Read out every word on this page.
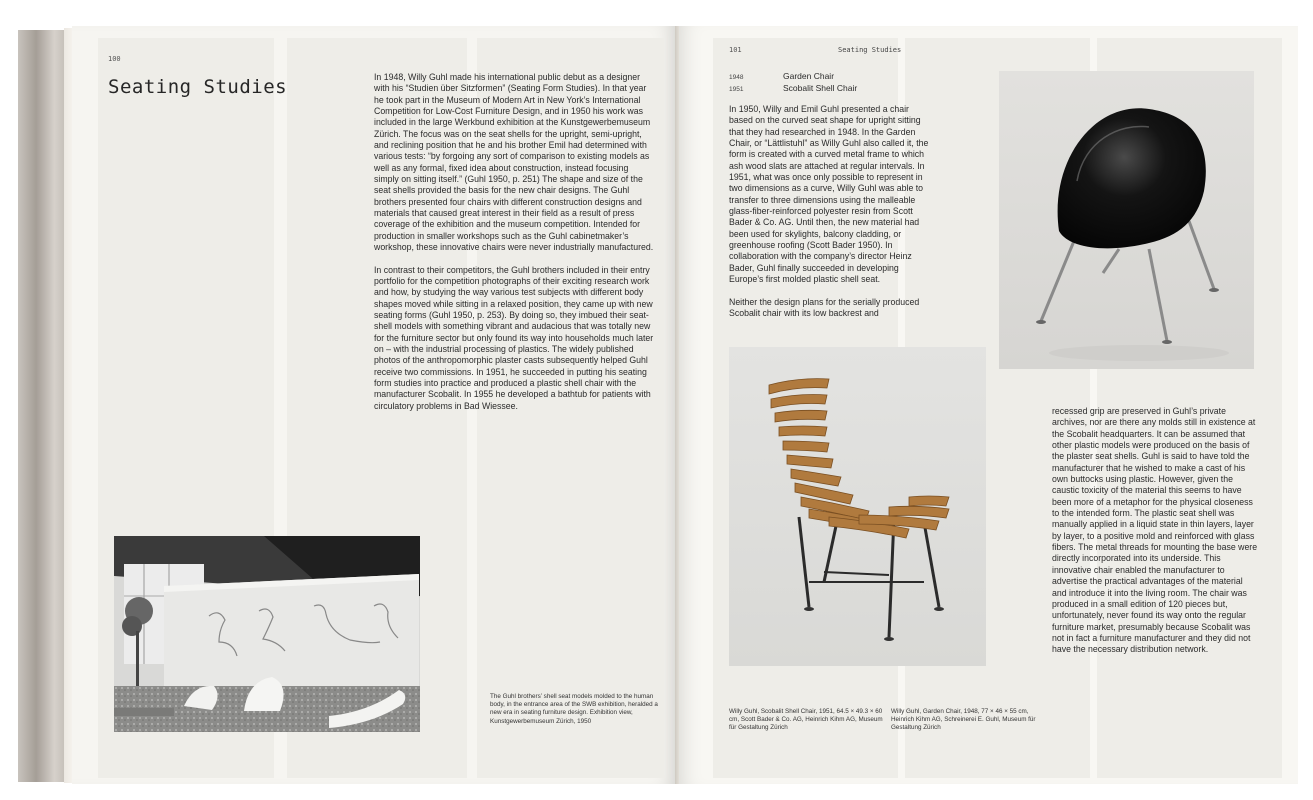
100
Seating Studies	In 1948, Willy Guhl made his international public debut as a designer with his “Studien über Sitzformen” (Seating Form Studies). In that year he took part in the Museum of Modern Art in New York’s International Competition for Low-Cost Furniture Design, and in 1950 his work was included in the large Werkbund exhibition at the Kunstgewerbemuseum Zürich. The focus was on the seat shells for the upright, semi-upright, and reclining position that he and his brother Emil had determined with various tests: “by forgoing any sort of comparison to existing models as well as any formal, fixed idea about construction, instead focusing simply on sitting itself.” (Guhl 1950, p. 251) The shape and size of the seat shells provided the basis for the new chair designs. The Guhl brothers presented four chairs with different construction designs and materials that caused great interest in their field as a result of press coverage of the exhibition and the museum competition. Intended for production in smaller workshops such as the Guhl cabinetmaker’s workshop, these innovative chairs were never industrially manufactured.

In contrast to their competitors, the Guhl brothers included in their entry portfolio for the competition photographs of their exciting research work and how, by studying the way various test subjects with different body shapes moved while sitting in a relaxed position, they came up with new seating forms (Guhl 1950, p. 253). By doing so, they imbued their seat-shell models with something vibrant and audacious that was totally new for the furniture sector but only found its way into households much later on – with the industrial processing of plastics. The widely published photos of the anthropomorphic plaster casts subsequently helped Guhl receive two commissions. In 1951, he succeeded in putting his seating form studies into practice and produced a plastic shell chair with the manufacturer Scobalit. In 1955 he developed a bathtub for patients with circulatory problems in Bad Wiessee.

The Guhl brothers’ shell seat models molded to the human body, in the entrance area of the SWB exhibition, heralded a new era in seating furniture design. Exhibition view, Kunstgewerbemuseum Zürich, 1950
101	Seating Studies
1948	Garden Chair
1951	Scobalit Shell Chair

In 1950, Willy and Emil Guhl presented a chair based on the curved seat shape for upright sitting that they had researched in 1948. In the Garden Chair, or “Lättlistuhl” as Willy Guhl also called it, the form is created with a curved metal frame to which ash wood slats are attached at regular intervals. In 1951, what was once only possible to represent in two dimensions as a curve, Willy Guhl was able to transfer to three dimensions using the malleable glass-fiber-reinforced polyester resin from Scott Bader & Co. AG. Until then, the new material had been used for skylights, balcony cladding, or greenhouse roofing (Scott Bader 1950). In collaboration with the company’s director Heinz Bader, Guhl finally succeeded in developing Europe’s first molded plastic shell seat.

Neither the design plans for the serially produced Scobalit chair with its low backrest and

recessed grip are preserved in Guhl’s private archives, nor are there any molds still in existence at the Scobalit headquarters. It can be assumed that other plastic models were produced on the basis of the plaster seat shells. Guhl is said to have told the manufacturer that he wished to make a cast of his own buttocks using plastic. However, given the caustic toxicity of the material this seems to have been more of a metaphor for the physical closeness to the intended form. The plastic seat shell was manually applied in a liquid state in thin layers, layer by layer, to a positive mold and reinforced with glass fibers. The metal threads for mounting the base were directly incorporated into its underside. This innovative chair enabled the manufacturer to advertise the practical advantages of the material and introduce it into the living room. The chair was produced in a small edition of 120 pieces but, unfortunately, never found its way onto the regular furniture market, presumably because Scobalit was not in fact a furniture manufacturer and they did not have the necessary distribution network.
Willy Guhl, Scobalit Shell Chair, 1951, 64.5 × 49.3 × 60 cm, Scott Bader & Co. AG, Heinrich Kihm AG, Museum für Gestaltung Zürich
Willy Guhl, Garden Chair, 1948, 77 × 46 × 55 cm, Heinrich Kihm AG, Schreinerei E. Guhl, Museum für Gestaltung Zürich
